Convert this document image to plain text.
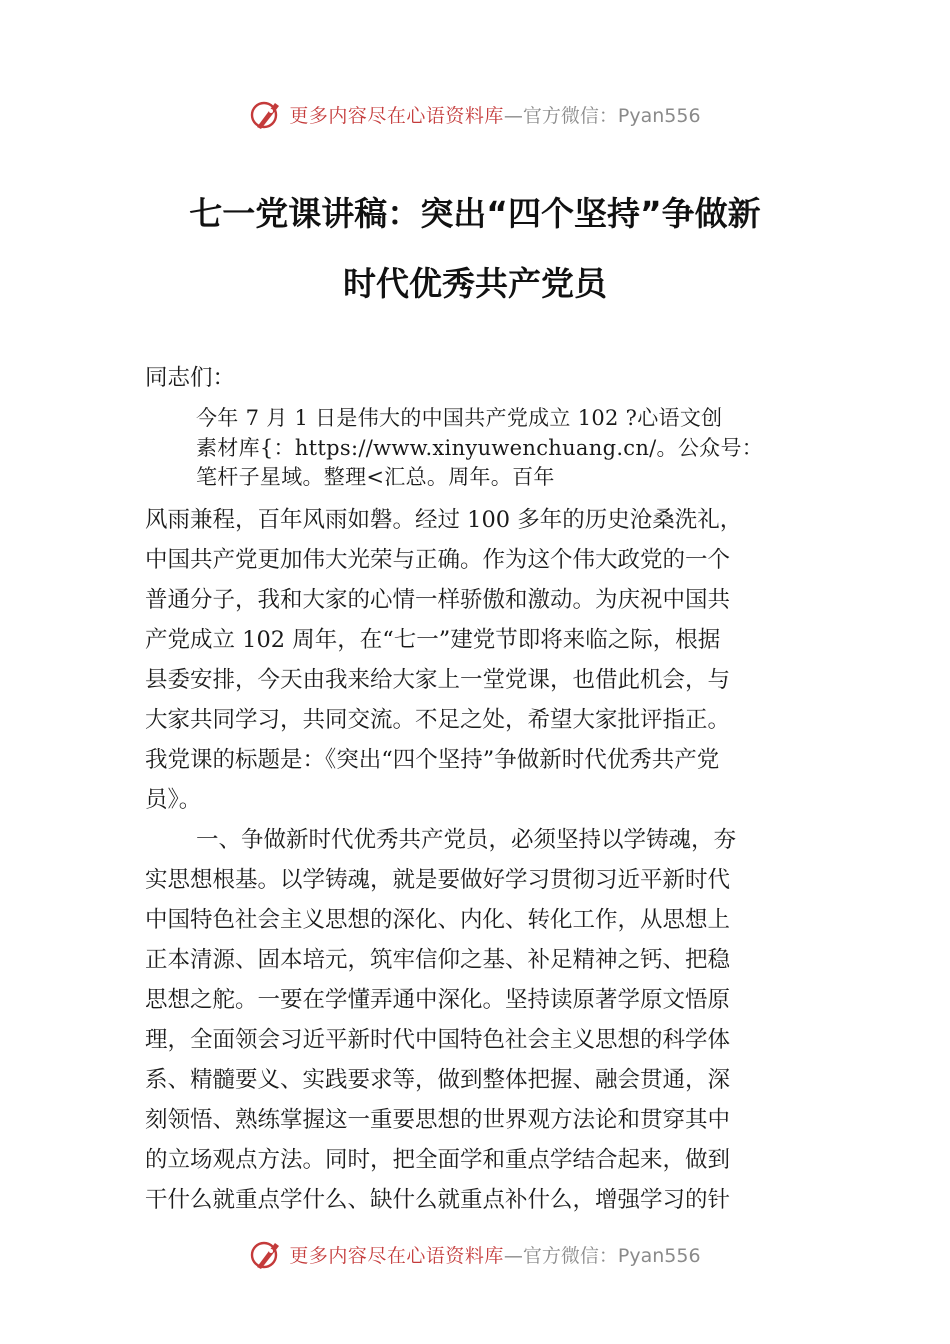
更多内容尽在心语资料库 —官方微信：Pyan556
七一党课讲稿：突出“四个坚持”争做新
时代优秀共产党员
同志们：
今年 7 月 1 日是伟大的中国共产党成立 102 ?心语文创
素材库{：https://www.xinyuwenchuang.cn/。公众号：
笔杆子星域。整理<汇总。周年。百年
风雨兼程，百年风雨如磐。经过 100 多年的历史沧桑洗礼，
中国共产党更加伟大光荣与正确。作为这个伟大政党的一个
普通分子，我和大家的心情一样骄傲和激动。为庆祝中国共
产党成立 102 周年，在“七一”建党节即将来临之际，根据
县委安排，今天由我来给大家上一堂党课，也借此机会，与
大家共同学习，共同交流。不足之处，希望大家批评指正。
我党课的标题是：《突出“四个坚持”争做新时代优秀共产党
员》。
一、争做新时代优秀共产党员，必须坚持以学铸魂，夯
实思想根基。以学铸魂，就是要做好学习贯彻习近平新时代
中国特色社会主义思想的深化、内化、转化工作，从思想上
正本清源、固本培元，筑牢信仰之基、补足精神之钙、把稳
思想之舵。一要在学懂弄通中深化。坚持读原著学原文悟原
理，全面领会习近平新时代中国特色社会主义思想的科学体
系、精髓要义、实践要求等，做到整体把握、融会贯通，深
刻领悟、熟练掌握这一重要思想的世界观方法论和贯穿其中
的立场观点方法。同时，把全面学和重点学结合起来，做到
干什么就重点学什么、缺什么就重点补什么，增强学习的针
更多内容尽在心语资料库 —官方微信：Pyan556
